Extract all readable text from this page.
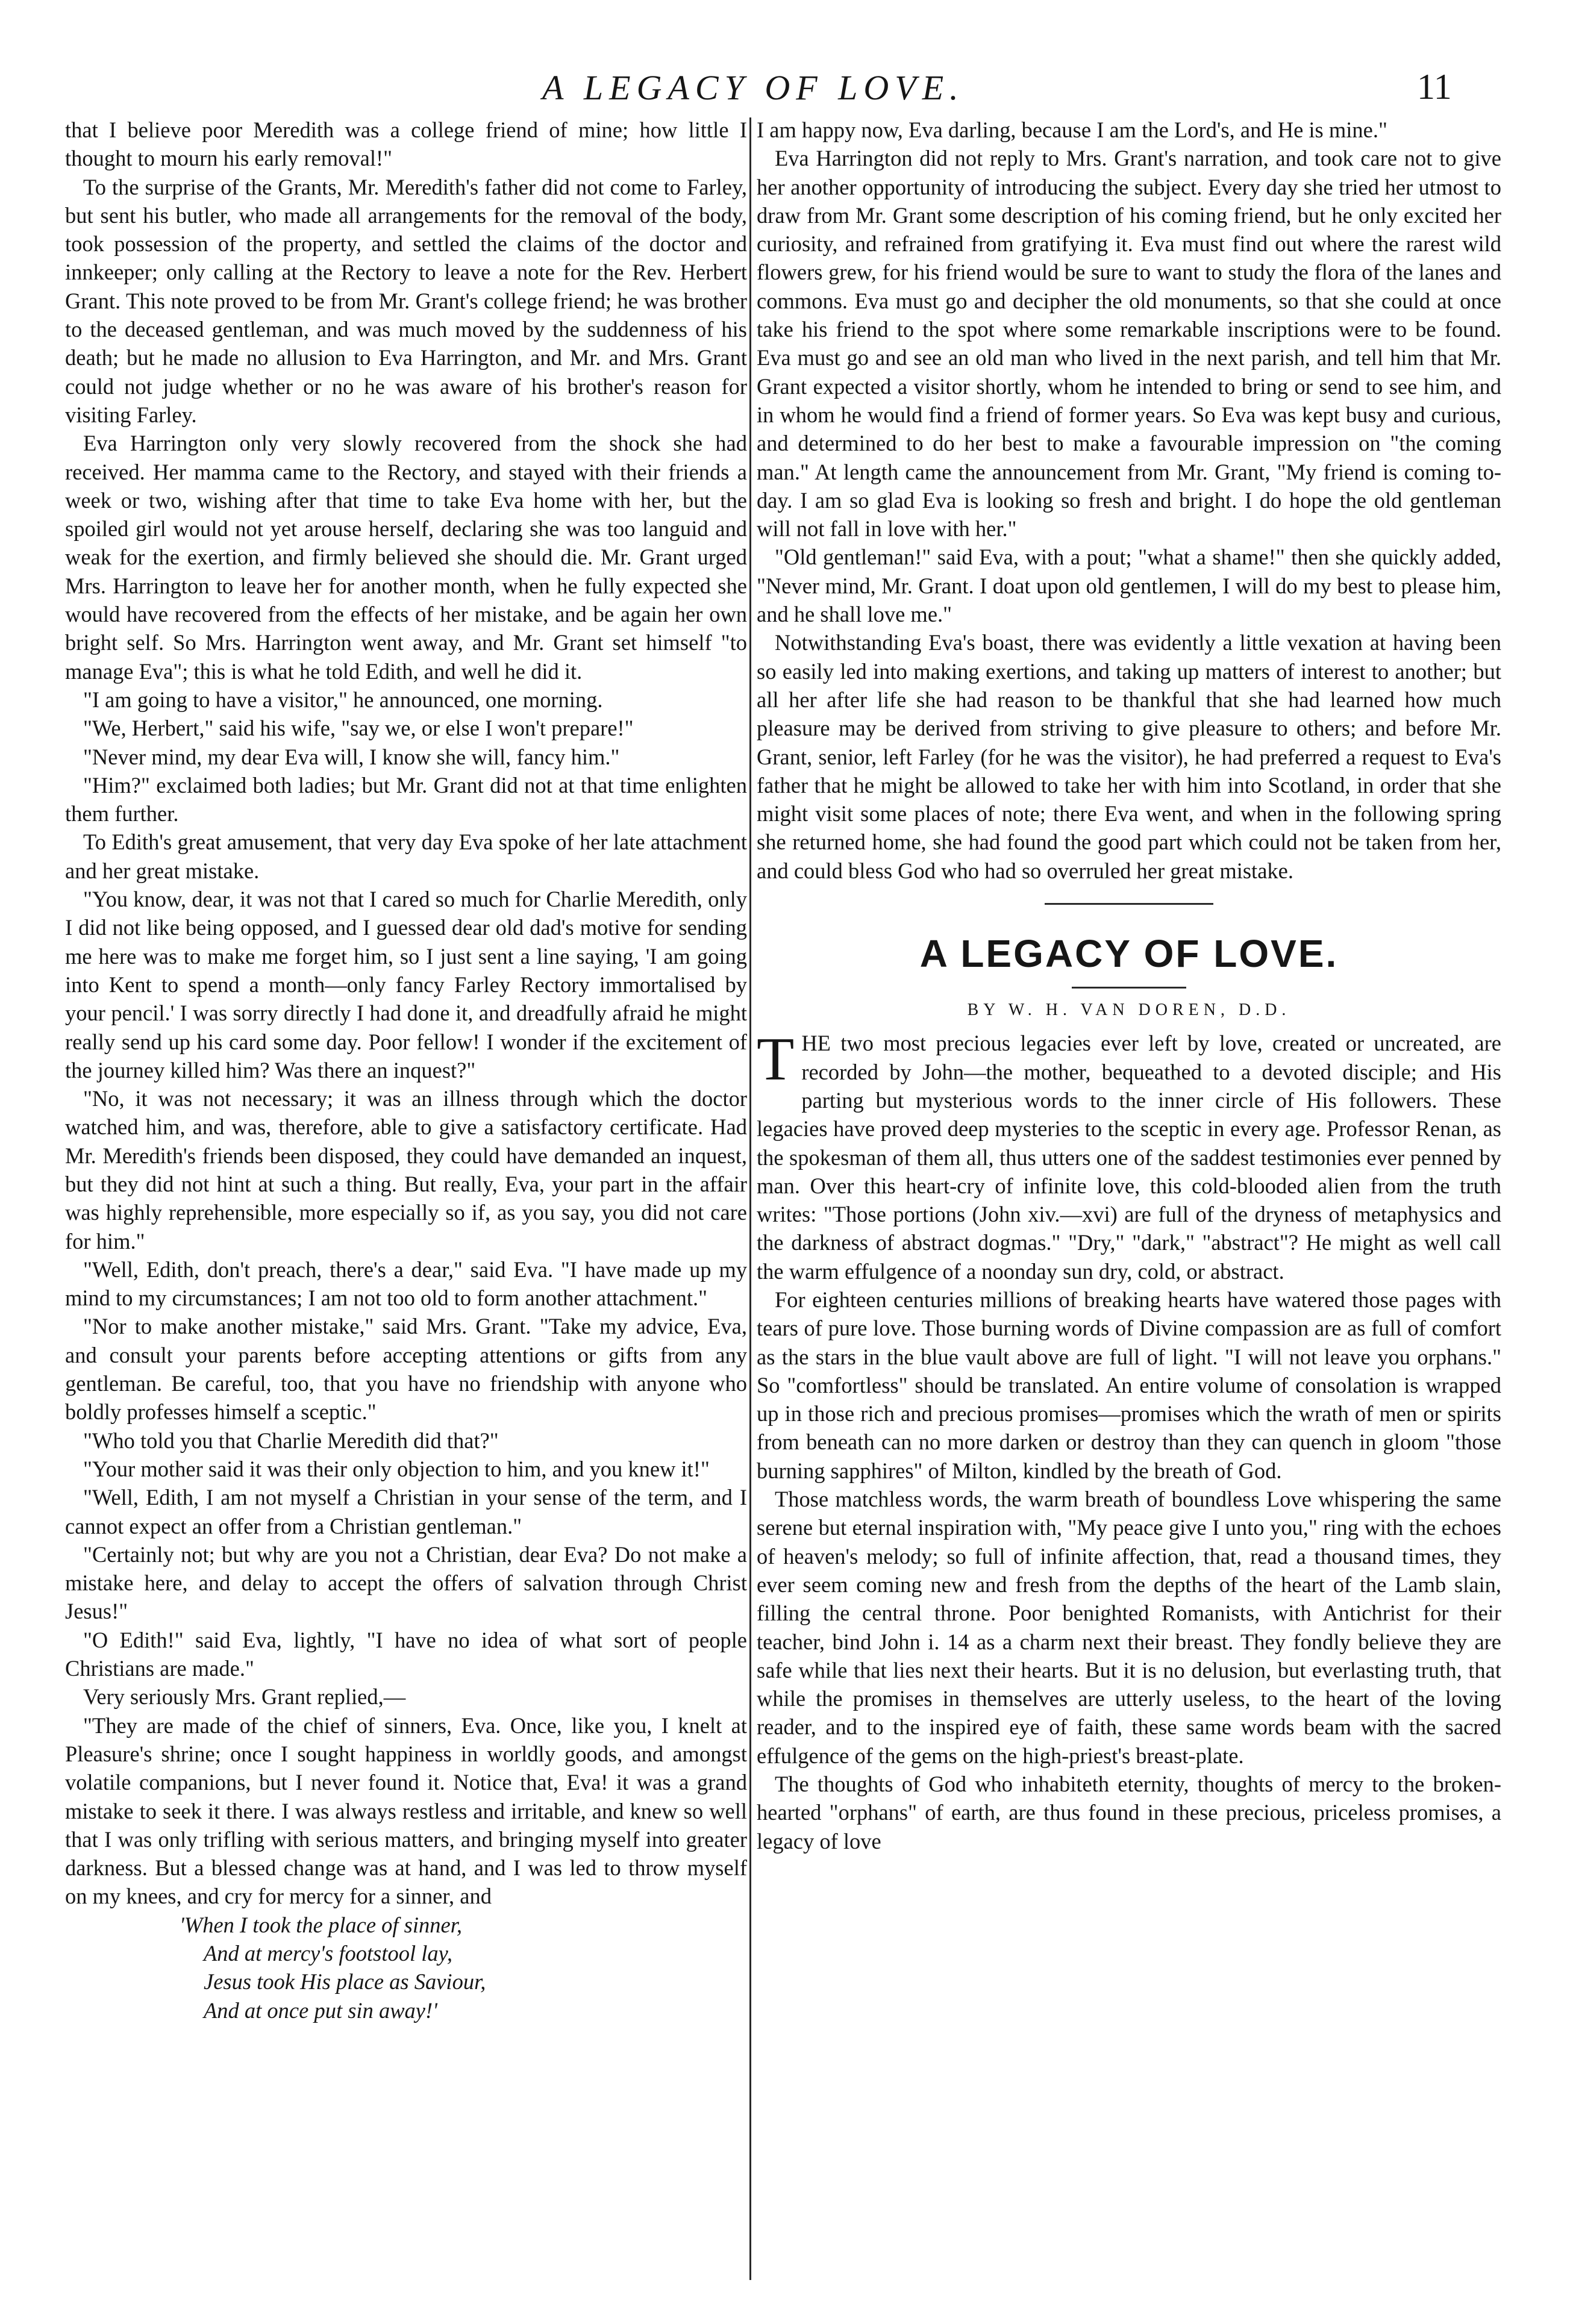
A LEGACY OF LOVE.	11

that I believe poor Meredith was a college friend of mine; how little I thought to mourn his early removal!"

To the surprise of the Grants, Mr. Meredith's father did not come to Farley, but sent his butler, who made all arrangements for the removal of the body, took possession of the property, and settled the claims of the doctor and innkeeper; only calling at the Rectory to leave a note for the Rev. Herbert Grant. This note proved to be from Mr. Grant's college friend; he was brother to the deceased gentleman, and was much moved by the suddenness of his death; but he made no allusion to Eva Harrington, and Mr. and Mrs. Grant could not judge whether or no he was aware of his brother's reason for visiting Farley.

Eva Harrington only very slowly recovered from the shock she had received. Her mamma came to the Rectory, and stayed with their friends a week or two, wishing after that time to take Eva home with her, but the spoiled girl would not yet arouse herself, declaring she was too languid and weak for the exertion, and firmly believed she should die. Mr. Grant urged Mrs. Harrington to leave her for another month, when he fully expected she would have recovered from the effects of her mistake, and be again her own bright self. So Mrs. Harrington went away, and Mr. Grant set himself "to manage Eva"; this is what he told Edith, and well he did it.

"I am going to have a visitor," he announced, one morning.

"We, Herbert," said his wife, "say we, or else I won't prepare!"

"Never mind, my dear Eva will, I know she will, fancy him."

"Him?" exclaimed both ladies; but Mr. Grant did not at that time enlighten them further.

To Edith's great amusement, that very day Eva spoke of her late attachment and her great mistake.

"You know, dear, it was not that I cared so much for Charlie Meredith, only I did not like being opposed, and I guessed dear old dad's motive for sending me here was to make me forget him, so I just sent a line saying, 'I am going into Kent to spend a month—only fancy Farley Rectory immortalised by your pencil.' I was sorry directly I had done it, and dreadfully afraid he might really send up his card some day. Poor fellow! I wonder if the excitement of the journey killed him? Was there an inquest?"

"No, it was not necessary; it was an illness through which the doctor watched him, and was, therefore, able to give a satisfactory certificate. Had Mr. Meredith's friends been disposed, they could have demanded an inquest, but they did not hint at such a thing. But really, Eva, your part in the affair was highly reprehensible, more especially so if, as you say, you did not care for him."

"Well, Edith, don't preach, there's a dear," said Eva. "I have made up my mind to my circumstances; I am not too old to form another attachment."

"Nor to make another mistake," said Mrs. Grant. "Take my advice, Eva, and consult your parents before accepting attentions or gifts from any gentleman. Be careful, too, that you have no friendship with anyone who boldly professes himself a sceptic."

"Who told you that Charlie Meredith did that?"

"Your mother said it was their only objection to him, and you knew it!"

"Well, Edith, I am not myself a Christian in your sense of the term, and I cannot expect an offer from a Christian gentleman."

"Certainly not; but why are you not a Christian, dear Eva? Do not make a mistake here, and delay to accept the offers of salvation through Christ Jesus!"

"O Edith!" said Eva, lightly, "I have no idea of what sort of people Christians are made."

Very seriously Mrs. Grant replied,—

"They are made of the chief of sinners, Eva. Once, like you, I knelt at Pleasure's shrine; once I sought happiness in worldly goods, and amongst volatile companions, but I never found it. Notice that, Eva! it was a grand mistake to seek it there. I was always restless and irritable, and knew so well that I was only trifling with serious matters, and bringing myself into greater darkness. But a blessed change was at hand, and I was led to throw myself on my knees, and cry for mercy for a sinner, and

'When I took the place of sinner,

And at mercy's footstool lay,

Jesus took His place as Saviour,

And at once put sin away!'

I am happy now, Eva darling, because I am the Lord's, and He is mine."

Eva Harrington did not reply to Mrs. Grant's narration, and took care not to give her another opportunity of introducing the subject. Every day she tried her utmost to draw from Mr. Grant some description of his coming friend, but he only excited her curiosity, and refrained from gratifying it. Eva must find out where the rarest wild flowers grew, for his friend would be sure to want to study the flora of the lanes and commons. Eva must go and decipher the old monuments, so that she could at once take his friend to the spot where some remarkable inscriptions were to be found. Eva must go and see an old man who lived in the next parish, and tell him that Mr. Grant expected a visitor shortly, whom he intended to bring or send to see him, and in whom he would find a friend of former years. So Eva was kept busy and curious, and determined to do her best to make a favourable impression on "the coming man." At length came the announcement from Mr. Grant, "My friend is coming to-day. I am so glad Eva is looking so fresh and bright. I do hope the old gentleman will not fall in love with her."

"Old gentleman!" said Eva, with a pout; "what a shame!" then she quickly added, "Never mind, Mr. Grant. I doat upon old gentlemen, I will do my best to please him, and he shall love me."

Notwithstanding Eva's boast, there was evidently a little vexation at having been so easily led into making exertions, and taking up matters of interest to another; but all her after life she had reason to be thankful that she had learned how much pleasure may be derived from striving to give pleasure to others; and before Mr. Grant, senior, left Farley (for he was the visitor), he had preferred a request to Eva's father that he might be allowed to take her with him into Scotland, in order that she might visit some places of note; there Eva went, and when in the following spring she returned home, she had found the good part which could not be taken from her, and could bless God who had so overruled her great mistake.

A LEGACY OF LOVE.

BY W. H. VAN DOREN, D.D.

THE two most precious legacies ever left by love, created or uncreated, are recorded by John—the mother, bequeathed to a devoted disciple; and His parting but mysterious words to the inner circle of His followers. These legacies have proved deep mysteries to the sceptic in every age. Professor Renan, as the spokesman of them all, thus utters one of the saddest testimonies ever penned by man. Over this heart-cry of infinite love, this cold-blooded alien from the truth writes: "Those portions (John xiv.—xvi) are full of the dryness of metaphysics and the darkness of abstract dogmas." "Dry," "dark," "abstract"? He might as well call the warm effulgence of a noonday sun dry, cold, or abstract.

For eighteen centuries millions of breaking hearts have watered those pages with tears of pure love. Those burning words of Divine compassion are as full of comfort as the stars in the blue vault above are full of light. "I will not leave you orphans." So "comfortless" should be translated. An entire volume of consolation is wrapped up in those rich and precious promises—promises which the wrath of men or spirits from beneath can no more darken or destroy than they can quench in gloom "those burning sapphires" of Milton, kindled by the breath of God.

Those matchless words, the warm breath of boundless Love whispering the same serene but eternal inspiration with, "My peace give I unto you," ring with the echoes of heaven's melody; so full of infinite affection, that, read a thousand times, they ever seem coming new and fresh from the depths of the heart of the Lamb slain, filling the central throne. Poor benighted Romanists, with Antichrist for their teacher, bind John i. 14 as a charm next their breast. They fondly believe they are safe while that lies next their hearts. But it is no delusion, but everlasting truth, that while the promises in themselves are utterly useless, to the heart of the loving reader, and to the inspired eye of faith, these same words beam with the sacred effulgence of the gems on the high-priest's breast-plate.

The thoughts of God who inhabiteth eternity, thoughts of mercy to the broken-hearted "orphans" of earth, are thus found in these precious, priceless promises, a legacy of love
